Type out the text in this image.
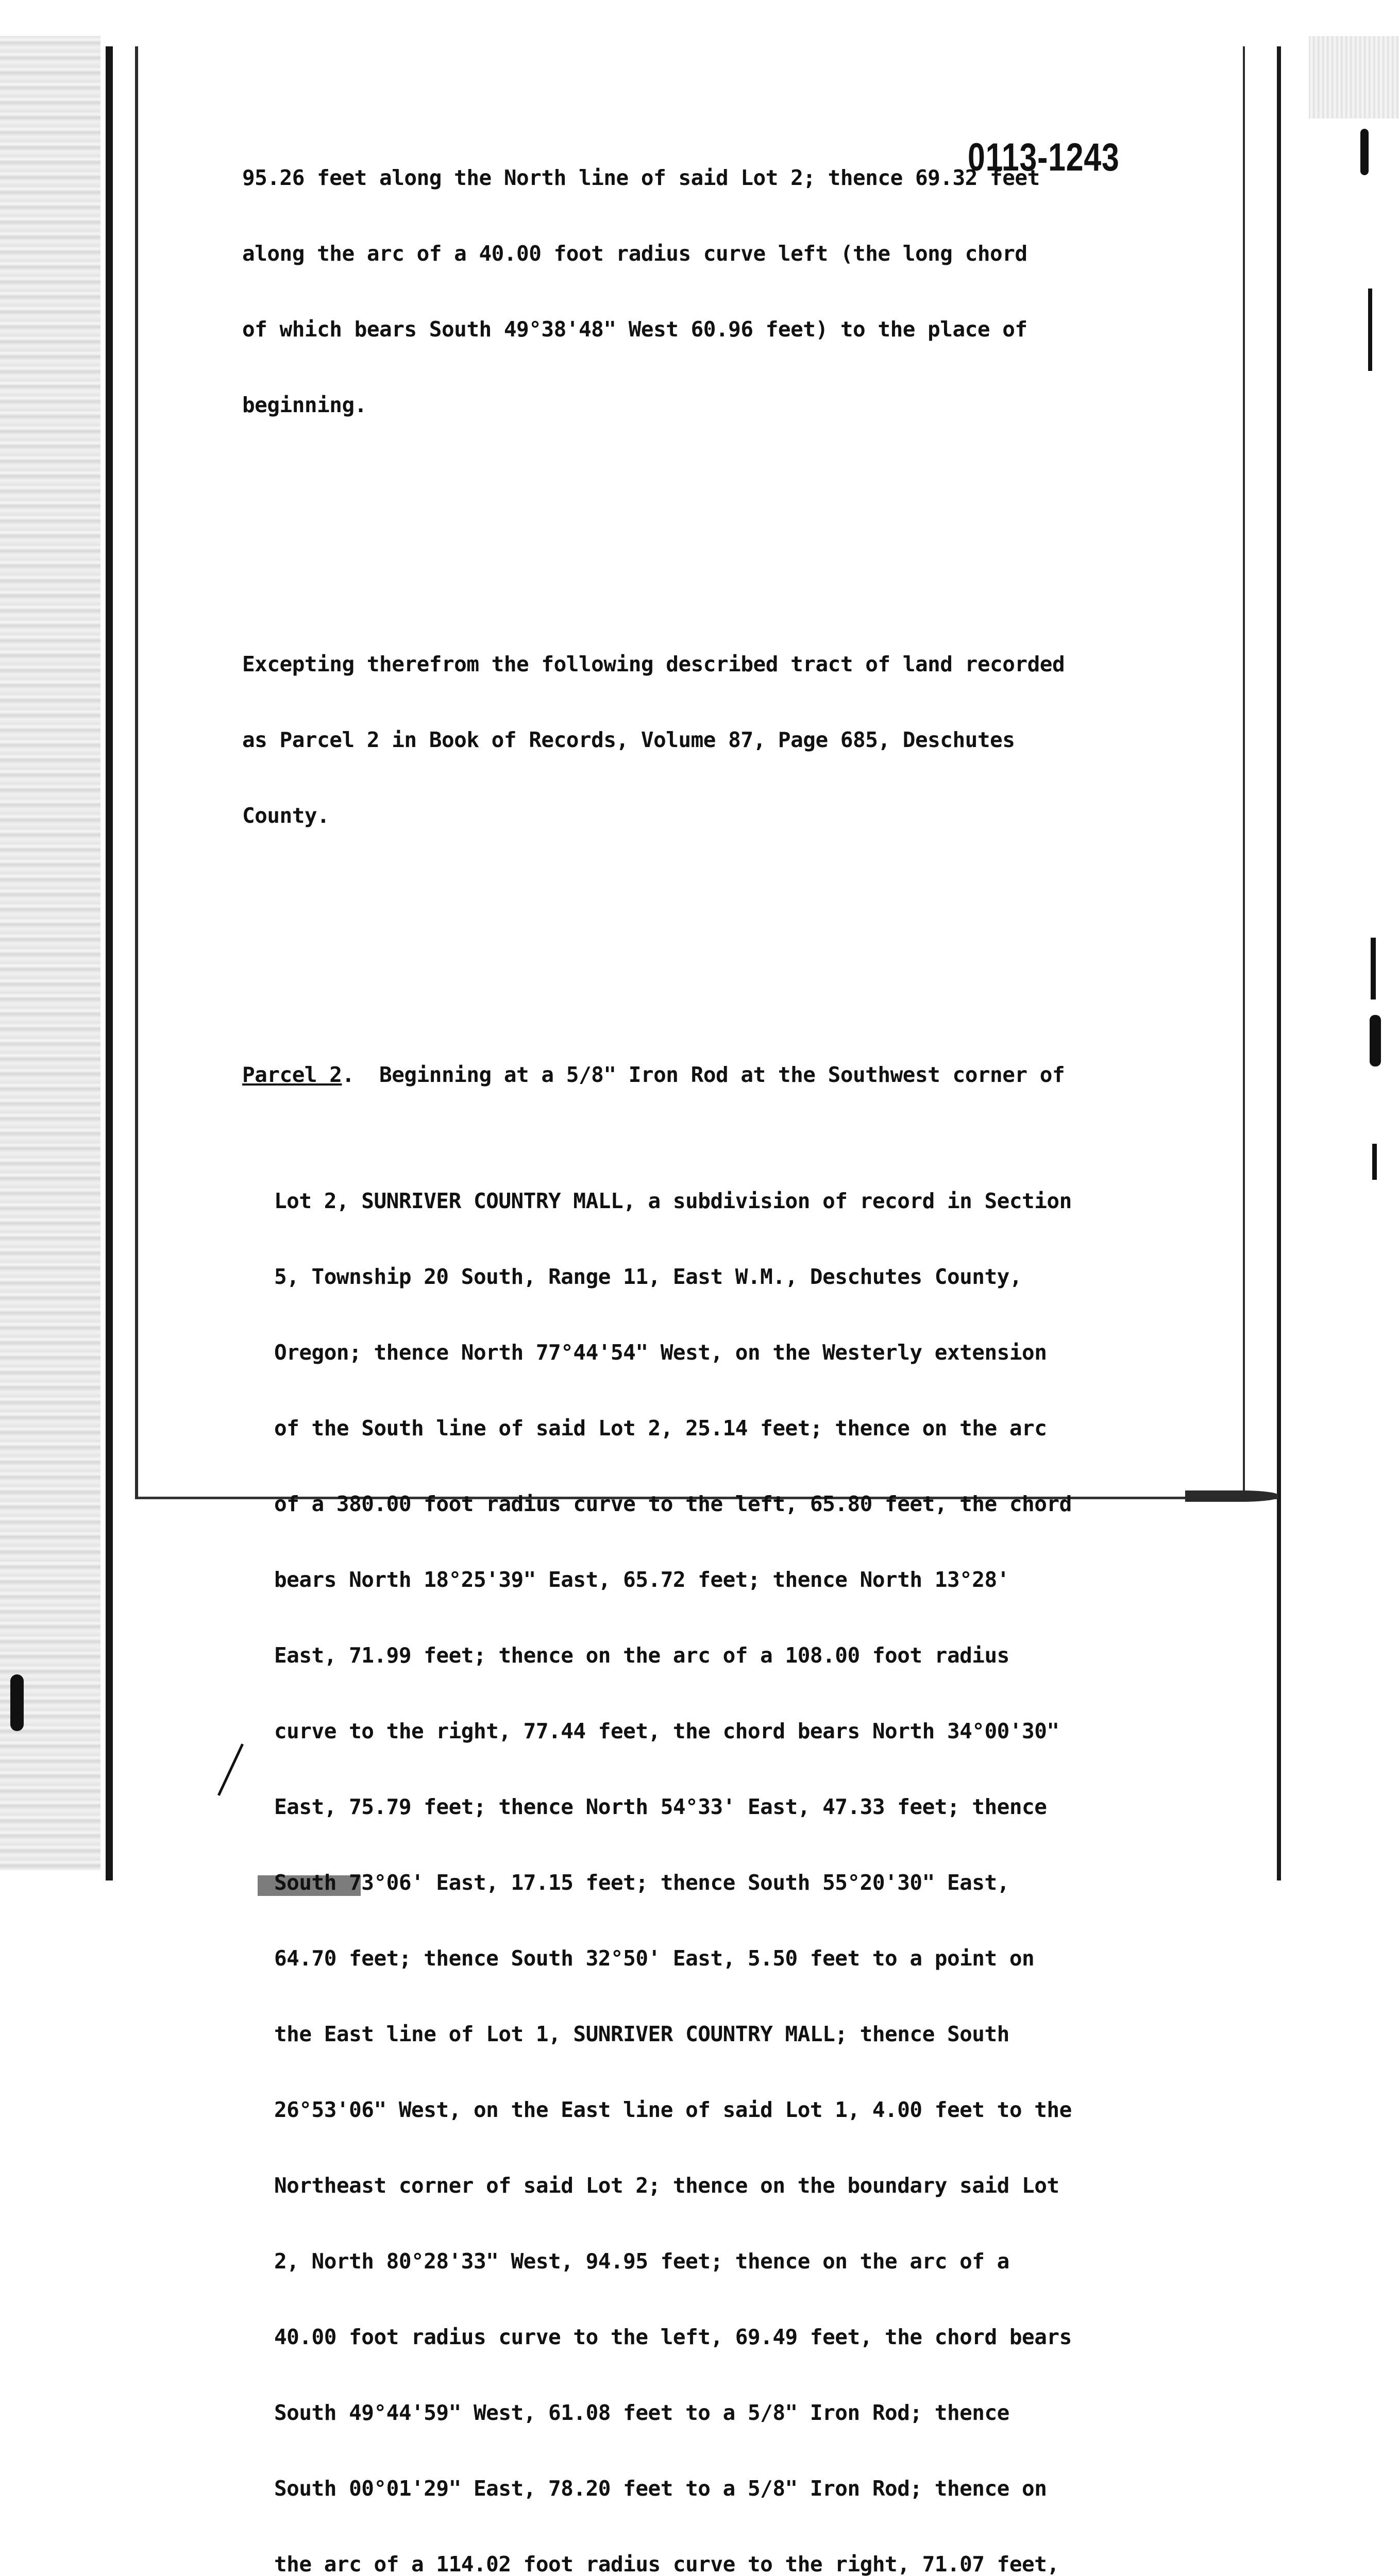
0113-1243

95.26 feet along the North line of said Lot 2; thence 69.32 feet

along the arc of a 40.00 foot radius curve left (the long chord

of which bears South 49°38'48" West 60.96 feet) to the place of

beginning.

Excepting therefrom the following described tract of land recorded

as Parcel 2 in Book of Records, Volume 87, Page 685, Deschutes

County.

Parcel 2.  Beginning at a 5/8" Iron Rod at the Southwest corner of

Lot 2, SUNRIVER COUNTRY MALL, a subdivision of record in Section

5, Township 20 South, Range 11, East W.M., Deschutes County,

Oregon; thence North 77°44'54" West, on the Westerly extension

of the South line of said Lot 2, 25.14 feet; thence on the arc

of a 380.00 foot radius curve to the left, 65.80 feet, the chord

bears North 18°25'39" East, 65.72 feet; thence North 13°28'

East, 71.99 feet; thence on the arc of a 108.00 foot radius

curve to the right, 77.44 feet, the chord bears North 34°00'30"

East, 75.79 feet; thence North 54°33' East, 47.33 feet; thence

South 73°06' East, 17.15 feet; thence South 55°20'30" East,

64.70 feet; thence South 32°50' East, 5.50 feet to a point on

the East line of Lot 1, SUNRIVER COUNTRY MALL; thence South

26°53'06" West, on the East line of said Lot 1, 4.00 feet to the

Northeast corner of said Lot 2; thence on the boundary said Lot

2, North 80°28'33" West, 94.95 feet; thence on the arc of a

40.00 foot radius curve to the left, 69.49 feet, the chord bears

South 49°44'59" West, 61.08 feet to a 5/8" Iron Rod; thence

South 00°01'29" East, 78.20 feet to a 5/8" Iron Rod; thence on

the arc of a 114.02 foot radius curve to the right, 71.07 feet,
